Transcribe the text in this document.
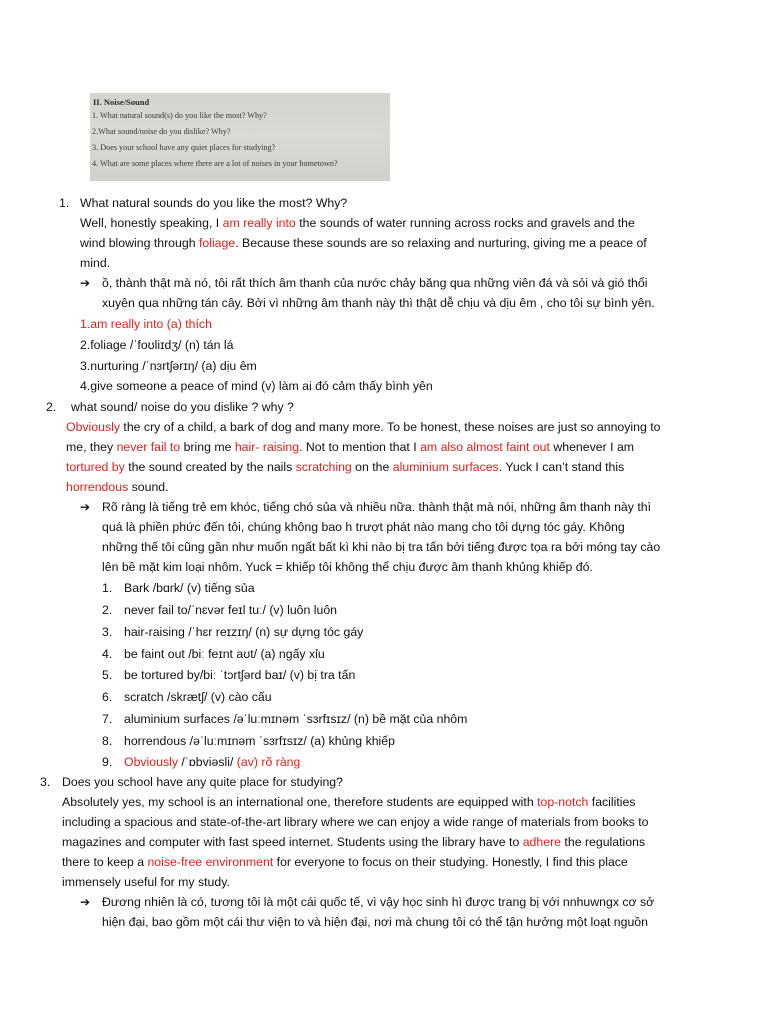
II. Noise/Sound
1. What natural sound(s) do you like the most? Why?
2.What sound/noise do you dislike? Why?
3. Does your school have any quiet places for studying?
4. What are some places where there are a lot of noises in your hometown?
1. What natural sounds do you like the most? Why?
Well, honestly speaking, I am really into the sounds of water running across rocks and gravels and the
wind blowing through foliage. Because these sounds are so relaxing and nurturing, giving me a peace of
mind.
➔ ồ, thành thật mà nó, tôi rất thích âm thanh của nước chảy băng qua những viên đá và sỏi và gió thổi
xuyên qua những tán cây. Bởi vì những âm thanh này thì thật dễ chịu và dịu êm , cho tôi sự bình yên.
1.am really into (a) thích
2.foliage /ˈfoʊliɪdʒ/ (n) tán lá
3.nurturing /ˈnɜrtʃərɪŋ/ (a) dịu êm
4.give someone a peace of mind (v) làm ai đó cảm thấy bình yên
2. what sound/ noise do you dislike ? why ?
Obviously the cry of a child, a bark of dog and many more. To be honest, these noises are just so annoying to
me, they never fail to bring me hair- raising. Not to mention that I am also almost faint out whenever I am
tortured by the sound created by the nails scratching on the aluminium surfaces. Yuck I can’t stand this
horrendous sound.
➔ Rõ ràng là tiếng trẻ em khóc, tiếng chó sủa và nhiều nữa. thành thật mà nói, những âm thanh này thì
quá là phiền phức đến tôi, chúng không bao h trượt phát nào mang cho tôi dựng tóc gáy. Không
những thế tôi cũng gần như muốn ngất bất kì khi nào bị tra tấn bởi tiếng được tọa ra bởi móng tay cào
lên bề mặt kim loại nhôm. Yuck = khiếp tôi không thể chịu được âm thanh khủng khiếp đó.
1. Bark /bɑrk/ (v) tiếng sủa
2. never fail to/ˈnɛvər feɪl tuː/ (v) luôn luôn
3. hair-raising /ˈhɛr reɪzɪŋ/ (n) sự dựng tóc gáy
4. be faint out /biː feɪnt aʊt/ (a) ngấy xỉu
5. be tortured by/biː ˈtɔrtʃərd baɪ/ (v) bị tra tấn
6. scratch /skrætʃ/ (v) cào cấu
7. aluminium surfaces /əˈluːmɪnəm ˈsɜrfɪsɪz/ (n) bề mặt của nhôm
8. horrendous /əˈluːmɪnəm ˈsɜrfɪsɪz/ (a) khủng khiếp
9. Obviously /ˈɒbviəsli/ (av) rõ ràng
3. Does you school have any quite place for studying?
Absolutely yes, my school is an international one, therefore students are equipped with top-notch facilities
including a spacious and state-of-the-art library where we can enjoy a wide range of materials from books to
magazines and computer with fast speed internet. Students using the library have to adhere the regulations
there to keep a noise-free environment for everyone to focus on their studying. Honestly, I find this place
immensely useful for my study.
➔ Đương nhiên là có, tương tôi là một cái quốc tế, vì vậy học sinh hì được trang bị với nnhuwngx cơ sở
hiện đại, bao gồm một cái thư viện to và hiện đại, nơi mà chung tôi có thể tận hưởng một loạt nguồn
